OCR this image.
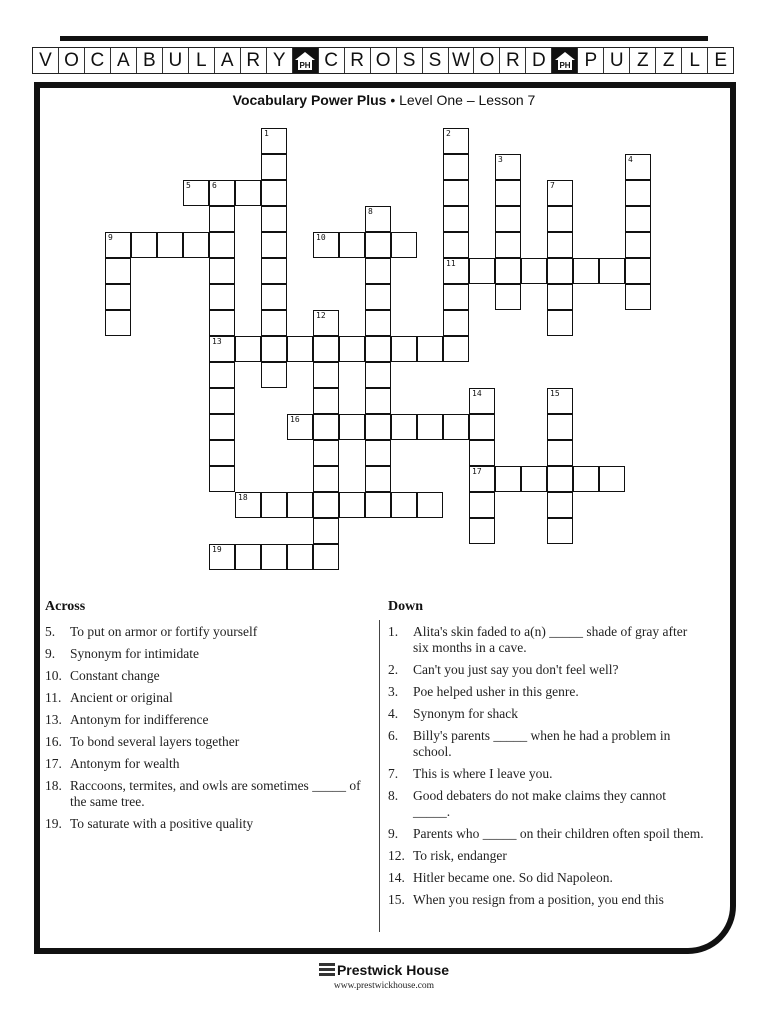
V O C A B U L A R Y	PH C R O S S W O R D	PH P U Z Z L E
Vocabulary Power Plus • Level One – Lesson 7
1	2
11
3	4
5	6
13
7
8
9	10
12
14
17
15
16
18
19
Across
5.	To put on armor or fortify yourself
9.	Synonym for intimidate
10. Constant change
11. Ancient or original
13. Antonym for indifference
16. To bond several layers together
17. Antonym for wealth
18. Raccoons, termites, and owls are sometimes _____ of the same tree.
19. To saturate with a positive quality
Down
1.	Alita's skin faded to a(n) _____ shade of gray after six months in a cave.
2.	Can't you just say you don't feel well?
3.	Poe helped usher in this genre.
4.	Synonym for shack
6.	Billy's parents _____ when he had a problem in school.
7.	This is where I leave you.
8.	Good debaters do not make claims they cannot _____.
9.	Parents who _____ on their children often spoil them.
12. To risk, endanger
14. Hitler became one. So did Napoleon.
15. When you resign from a position, you end this
Prestwick House
www.prestwickhouse.com
